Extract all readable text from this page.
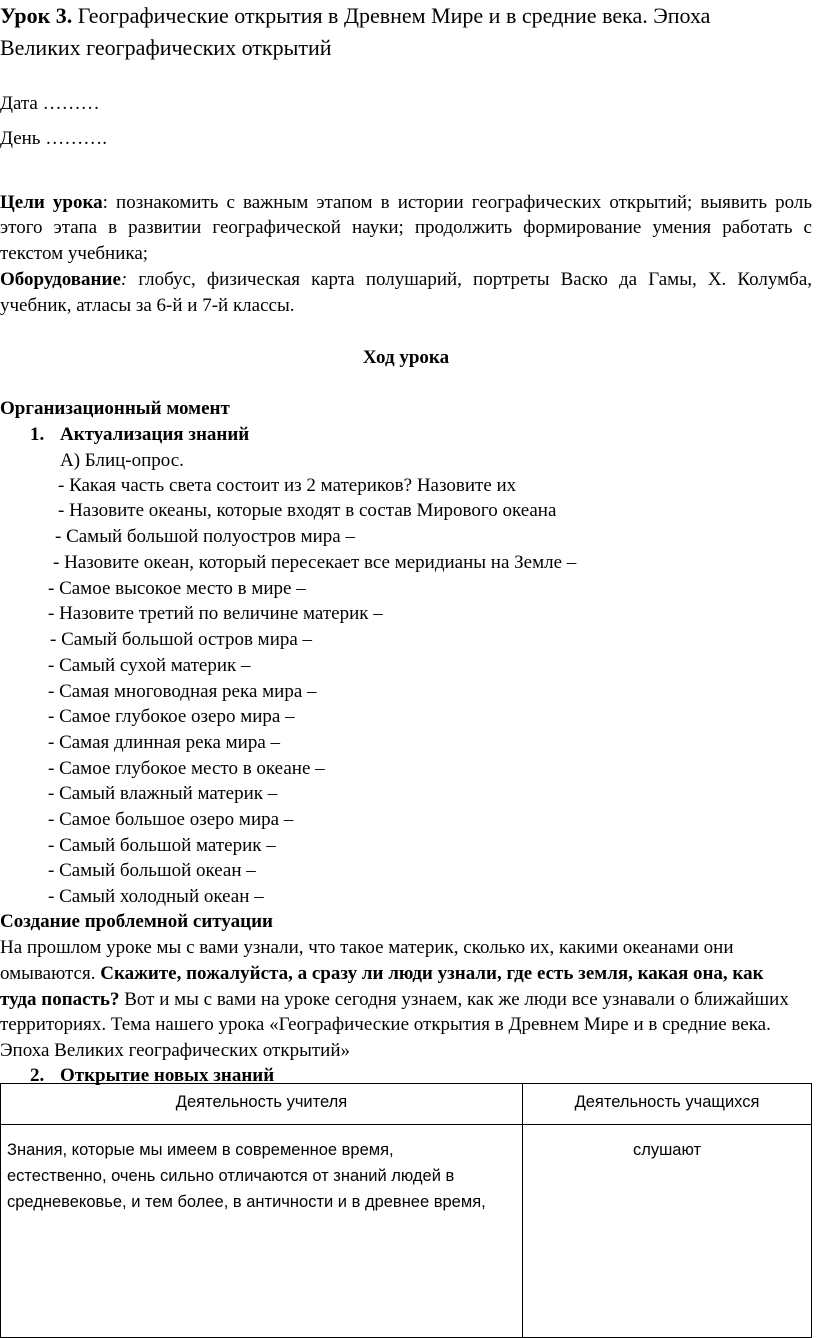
Урок 3. Географические открытия в Древнем Мире и в средние века. Эпоха
Великих географических открытий
Дата ………
День ……….
Цели урока: познакомить с важным этапом в истории географических открытий; выявить роль
этого этапа в развитии географической науки; продолжить формирование умения работать с
текстом учебника;
Оборудование: глобус, физическая карта полушарий, портреты Васко да Гамы, Х. Колумба,
учебник, атласы за 6-й и 7-й классы.
Ход урока
Организационный момент
1. Актуализация знаний
А) Блиц-опрос.
- Какая часть света состоит из 2 материков? Назовите их
- Назовите океаны, которые входят в состав Мирового океана
- Самый большой полуостров мира –
- Назовите океан, который пересекает все меридианы на Земле –
- Самое высокое место в мире –
- Назовите третий по величине материк –
- Самый большой остров мира –
- Самый сухой материк –
- Самая многоводная река мира –
- Самое глубокое озеро мира –
- Самая длинная река мира –
- Самое глубокое место в океане –
- Самый влажный материк –
- Самое большое озеро мира –
- Самый большой материк –
- Самый большой океан –
- Самый холодный океан –
Создание проблемной ситуации
На прошлом уроке мы с вами узнали, что такое материк, сколько их, какими океанами они
омываются. Скажите, пожалуйста, а сразу ли люди узнали, где есть земля, какая она, как
туда попасть? Вот и мы с вами на уроке сегодня узнаем, как же люди все узнавали о ближайших
территориях. Тема нашего урока «Географические открытия в Древнем Мире и в средние века.
Эпоха Великих географических открытий»
2. Открытие новых знаний
Деятельность учителя	Деятельность учащихся

Знания, которые мы имеем в современное время,
естественно, очень сильно отличаются от знаний людей в
средневековье, и тем более, в античности и в древнее время,	слушают
